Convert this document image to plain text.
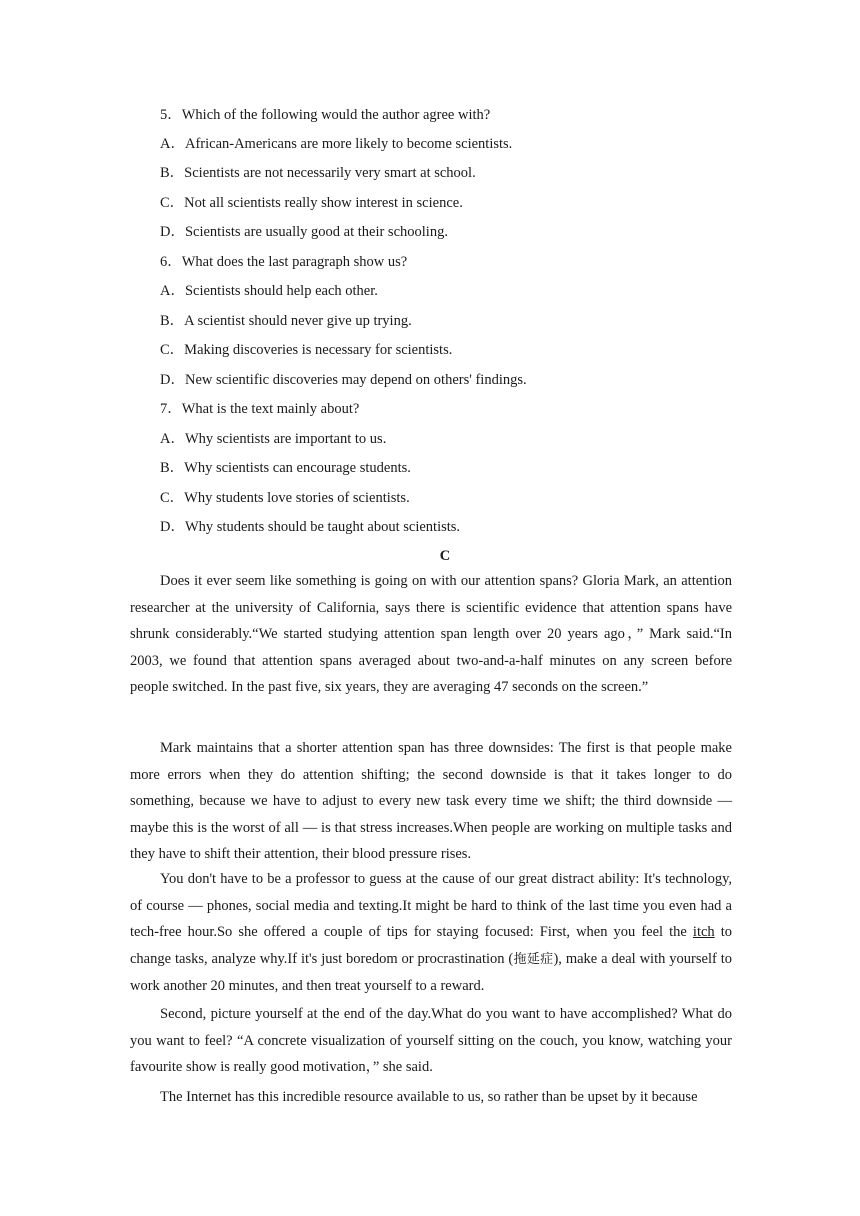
5．Which of the following would the author agree with?
A．African-Americans are more likely to become scientists.
B．Scientists are not necessarily very smart at school.
C．Not all scientists really show interest in science.
D．Scientists are usually good at their schooling.
6．What does the last paragraph show us?
A．Scientists should help each other.
B．A scientist should never give up trying.
C．Making discoveries is necessary for scientists.
D．New scientific discoveries may depend on others' findings.
7．What is the text mainly about?
A．Why scientists are important to us.
B．Why scientists can encourage students.
C．Why students love stories of scientists.
D．Why students should be taught about scientists.
C

Does it ever seem like something is going on with our attention spans? Gloria Mark, an attention researcher at the university of California, says there is scientific evidence that attention spans have shrunk considerably.“We started studying attention span length over 20 years ago，” Mark said.“In 2003, we found that attention spans averaged about two-and-a-half minutes on any screen before people switched. In the past five, six years, they are averaging 47 seconds on the screen.”

Mark maintains that a shorter attention span has three downsides: The first is that people make more errors when they do attention shifting; the second downside is that it takes longer to do something, because we have to adjust to every new task every time we shift; the third downside — maybe this is the worst of all — is that stress increases.When people are working on multiple tasks and they have to shift their attention, their blood pressure rises.

You don't have to be a professor to guess at the cause of our great distract ability: It's technology, of course — phones, social media and texting.It might be hard to think of the last time you even had a tech-free hour.So she offered a couple of tips for staying focused: First, when you feel the itch to change tasks, analyze why.If it's just boredom or procrastination (拖延症), make a deal with yourself to work another 20 minutes, and then treat yourself to a reward.

Second, picture yourself at the end of the day.What do you want to have accomplished? What do you want to feel? “A concrete visualization of yourself sitting on the couch, you know, watching your favourite show is really good motivation，” she said.

The Internet has this incredible resource available to us, so rather than be upset by it because
